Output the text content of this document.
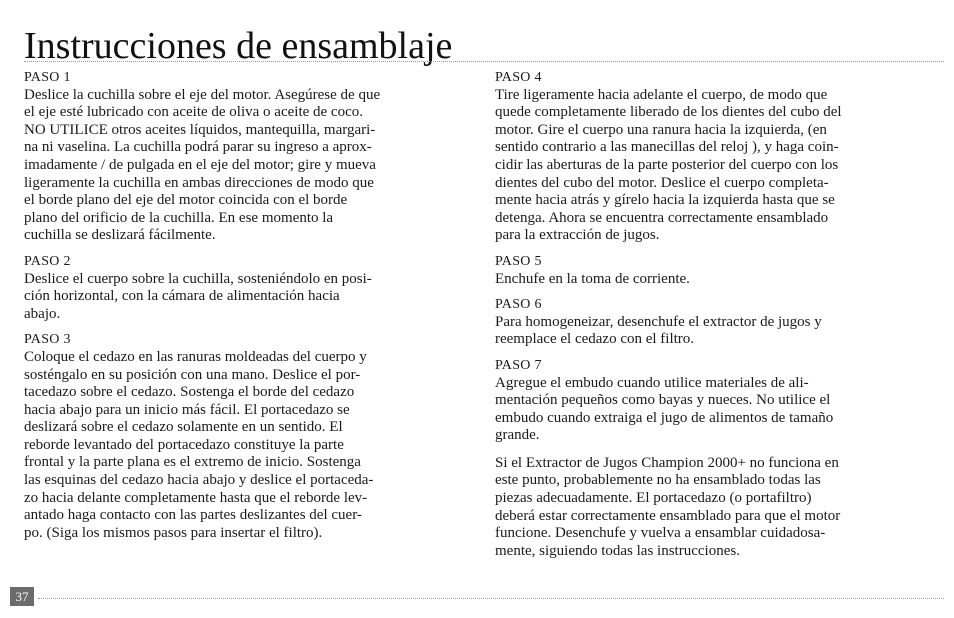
Instrucciones de ensamblaje
PASO 1
Deslice la cuchilla sobre el eje del motor. Asegúrese de que
el eje esté lubricado con aceite de oliva o aceite de coco.
NO UTILICE otros aceites líquidos, mantequilla, margari-
na ni vaselina. La cuchilla podrá parar su ingreso a aprox-
imadamente / de pulgada en el eje del motor; gire y mueva
ligeramente la cuchilla en ambas direcciones de modo que
el borde plano del eje del motor coincida con el borde
plano del orificio de la cuchilla. En ese momento la
cuchilla se deslizará fácilmente.
PASO 2
Deslice el cuerpo sobre la cuchilla, sosteniéndolo en posi-
ción horizontal, con la cámara de alimentación hacia
abajo.
PASO 3
Coloque el cedazo en las ranuras moldeadas del cuerpo y
sosténgalo en su posición con una mano. Deslice el por-
tacedazo sobre el cedazo. Sostenga el borde del cedazo
hacia abajo para un inicio más fácil. El portacedazo se
deslizará sobre el cedazo solamente en un sentido. El
reborde levantado del portacedazo constituye la parte
frontal y la parte plana es el extremo de inicio. Sostenga
las esquinas del cedazo hacia abajo y deslice el portaceda-
zo hacia delante completamente hasta que el reborde lev-
antado haga contacto con las partes deslizantes del cuer-
po. (Siga los mismos pasos para insertar el filtro).
PASO 4
Tire ligeramente hacia adelante el cuerpo, de modo que
quede completamente liberado de los dientes del cubo del
motor. Gire el cuerpo una ranura hacia la izquierda, (en
sentido contrario a las manecillas del reloj ), y haga coin-
cidir las aberturas de la parte posterior del cuerpo con los
dientes del cubo del motor. Deslice el cuerpo completa-
mente hacia atrás y gírelo hacia la izquierda hasta que se
detenga. Ahora se encuentra correctamente ensamblado
para la extracción de jugos.
PASO 5
Enchufe en la toma de corriente.
PASO 6
Para homogeneizar, desenchufe el extractor de jugos y
reemplace el cedazo con el filtro.
PASO 7
Agregue el embudo cuando utilice materiales de ali-
mentación pequeños como bayas y nueces. No utilice el
embudo cuando extraiga el jugo de alimentos de tamaño
grande.
Si el Extractor de Jugos Champion 2000+ no funciona en
este punto, probablemente no ha ensamblado todas las
piezas adecuadamente. El portacedazo (o portafiltro)
deberá estar correctamente ensamblado para que el motor
funcione. Desenchufe y vuelva a ensamblar cuidadosa-
mente, siguiendo todas las instrucciones.
37
